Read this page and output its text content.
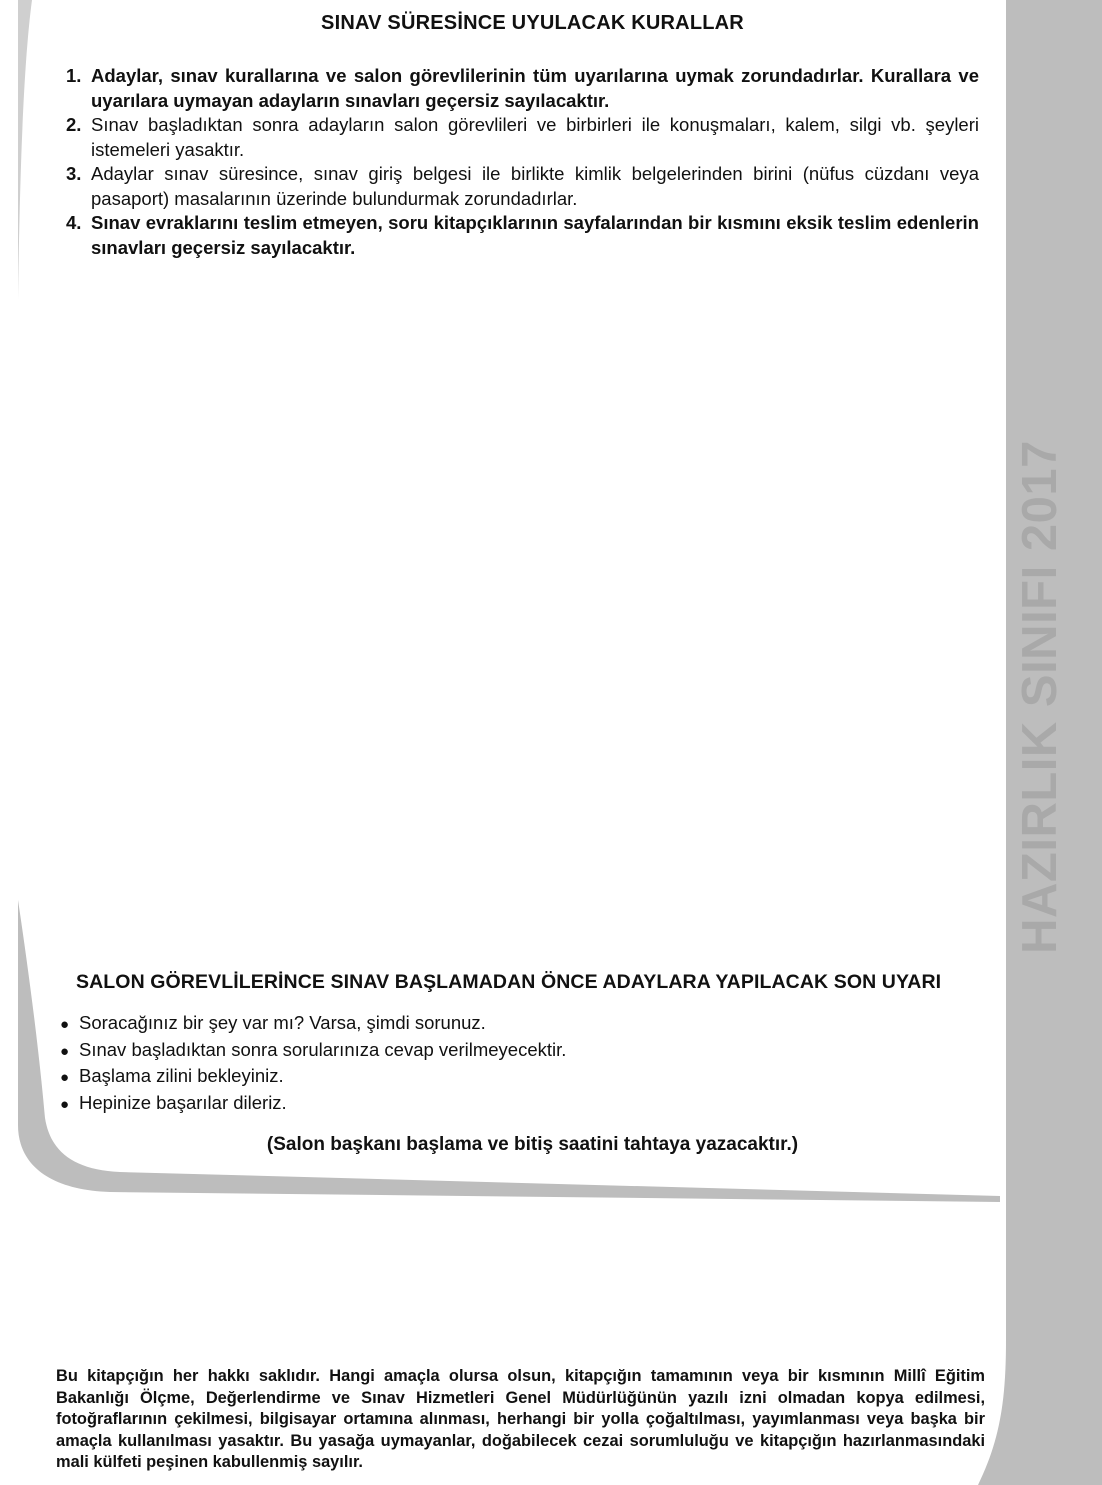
HAZIRLIK SINIFI 2017
SINAV SÜRESİNCE UYULACAK KURALLAR
1. Adaylar, sınav kurallarına ve salon görevlilerinin tüm uyarılarına uymak zorundadırlar. Kurallara ve uyarılara uymayan adayların sınavları geçersiz sayılacaktır.
2. Sınav başladıktan sonra adayların salon görevlileri ve birbirleri ile konuşmaları, kalem, silgi vb. şeyleri istemeleri yasaktır.
3. Adaylar sınav süresince, sınav giriş belgesi ile birlikte kimlik belgelerinden birini (nüfus cüzdanı veya pasaport) masalarının üzerinde bulundurmak zorundadırlar.
4. Sınav evraklarını teslim etmeyen, soru kitapçıklarının sayfalarından bir kısmını eksik teslim edenlerin sınavları geçersiz sayılacaktır.
SALON GÖREVLİLERİNCE SINAV BAŞLAMADAN ÖNCE ADAYLARA YAPILACAK SON UYARI
● Soracağınız bir şey var mı? Varsa, şimdi sorunuz.
● Sınav başladıktan sonra sorularınıza cevap verilmeyecektir.
● Başlama zilini bekleyiniz.
● Hepinize başarılar dileriz.
(Salon başkanı başlama ve bitiş saatini tahtaya yazacaktır.)
Bu kitapçığın her hakkı saklıdır. Hangi amaçla olursa olsun, kitapçığın tamamının veya bir kısmının Millî Eğitim Bakanlığı Ölçme, Değerlendirme ve Sınav Hizmetleri Genel Müdürlüğünün yazılı izni olmadan kopya edilmesi, fotoğraflarının çekilmesi, bilgisayar ortamına alınması, herhangi bir yolla çoğaltılması, yayımlanması veya başka bir amaçla kullanılması yasaktır. Bu yasağa uymayanlar, doğabilecek cezai sorumluluğu ve kitapçığın hazırlanmasındaki mali külfeti peşinen kabullenmiş sayılır.
